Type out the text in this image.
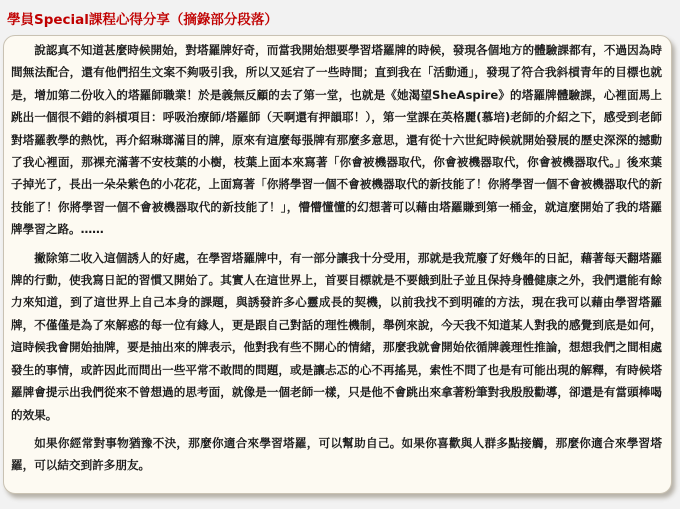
學員Special課程心得分享（摘錄部分段落）

說認真不知道甚麼時候開始，對塔羅牌好奇，而當我開始想要學習塔羅牌的時候，發現各個地方的體驗課都有，不過因為時間無法配合，還有他們招生文案不夠吸引我，所以又延宕了一些時間；直到我在「活動通」，發現了符合我斜槓青年的目標也就是，增加第二份收入的塔羅師職業！於是義無反顧的去了第一堂，也就是《她渴望SheAspire》的塔羅牌體驗課，心裡面馬上跳出一個很不錯的斜槓項目：呼吸治療師/塔羅師（天啊還有押韻耶！），第一堂課在英格麗(慕培)老師的介紹之下，感受到老師對塔羅教學的熱忱，再介紹琳瑯滿目的牌，原來有這麼每張牌有那麼多意思，還有從十六世紀時候就開始發展的歷史深深的撼動了我心裡面，那裸充滿著不安枝葉的小樹，枝葉上面本來寫著「你會被機器取代，你會被機器取代，你會被機器取代。」後來葉子掉光了，長出一朵朵紫色的小花花，上面寫著「你將學習一個不會被機器取代的新技能了！你將學習一個不會被機器取代的新技能了！你將學習一個不會被機器取代的新技能了！」，懵懵懂懂的幻想著可以藉由塔羅賺到第一桶金，就這麼開始了我的塔羅牌學習之路。……

撇除第二收入這個誘人的好處，在學習塔羅牌中，有一部分讓我十分受用，那就是我荒廢了好幾年的日記，藉著每天翻塔羅牌的行動，使我寫日記的習慣又開始了。其實人在這世界上，首要目標就是不要餓到肚子並且保持身體健康之外，我們還能有餘力來知道，到了這世界上自己本身的課題，與誘發許多心靈成長的契機，以前我找不到明確的方法，現在我可以藉由學習塔羅牌，不僅僅是為了來解惑的每一位有緣人，更是跟自己對話的理性機制，舉例來說，今天我不知道某人對我的感覺到底是如何，這時候我會開始抽牌，要是抽出來的牌表示，他對我有些不開心的情緒，那麼我就會開始依循牌義理性推論，想想我們之間相處發生的事情，或許因此而問出一些平常不敢問的問題，或是讓忐忑的心不再搖晃，索性不問了也是有可能出現的解釋，有時候塔羅牌會提示出我們從來不曾想過的思考面，就像是一個老師一樣，只是他不會跳出來拿著粉筆對我殷殷勸導，卻還是有當頭棒喝的效果。

如果你經常對事物猶豫不決，那麼你適合來學習塔羅，可以幫助自己。如果你喜歡與人群多點接觸，那麼你適合來學習塔羅，可以結交到許多朋友。
